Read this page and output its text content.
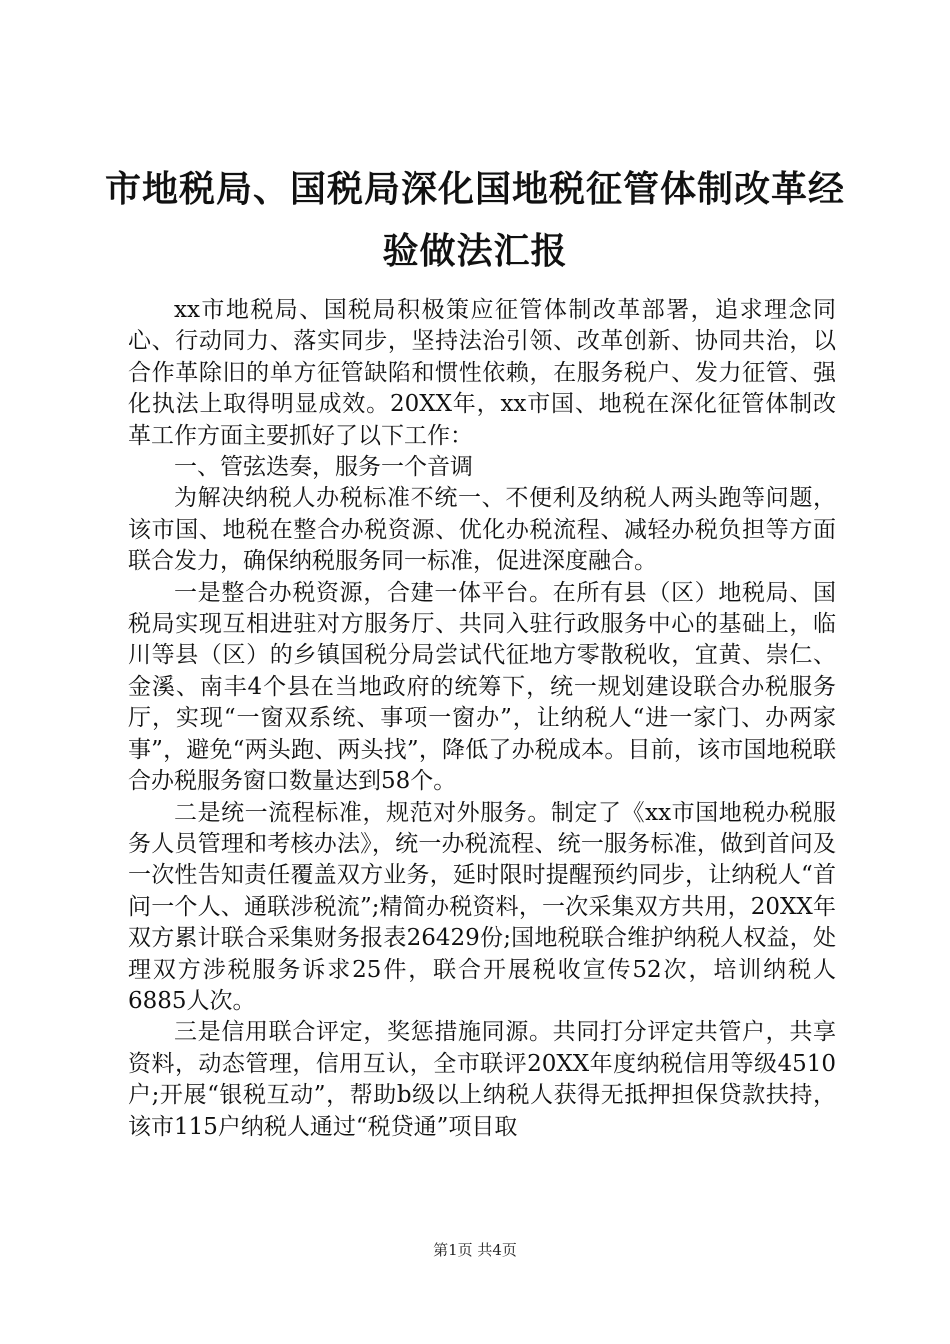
市地税局、国税局深化国地税征管体制改革经验做法汇报

xx市地税局、国税局积极策应征管体制改革部署，追求理念同心、行动同力、落实同步，坚持法治引领、改革创新、协同共治，以合作革除旧的单方征管缺陷和惯性依赖，在服务税户、发力征管、强化执法上取得明显成效。20XX年，xx市国、地税在深化征管体制改革工作方面主要抓好了以下工作：

一、管弦迭奏，服务一个音调

为解决纳税人办税标准不统一、不便利及纳税人两头跑等问题，该市国、地税在整合办税资源、优化办税流程、减轻办税负担等方面联合发力，确保纳税服务同一标准，促进深度融合。

一是整合办税资源，合建一体平台。在所有县（区）地税局、国税局实现互相进驻对方服务厅、共同入驻行政服务中心的基础上，临川等县（区）的乡镇国税分局尝试代征地方零散税收，宜黄、崇仁、金溪、南丰4个县在当地政府的统筹下，统一规划建设联合办税服务厅，实现“一窗双系统、事项一窗办”，让纳税人“进一家门、办两家事”，避免“两头跑、两头找”，降低了办税成本。目前，该市国地税联合办税服务窗口数量达到58个。

二是统一流程标准，规范对外服务。制定了《xx市国地税办税服务人员管理和考核办法》，统一办税流程、统一服务标准，做到首问及一次性告知责任覆盖双方业务，延时限时提醒预约同步，让纳税人“首问一个人、通联涉税流”;精简办税资料，一次采集双方共用，20XX年双方累计联合采集财务报表26429份;国地税联合维护纳税人权益，处理双方涉税服务诉求25件，联合开展税收宣传52次，培训纳税人6885人次。

三是信用联合评定，奖惩措施同源。共同打分评定共管户，共享资料，动态管理，信用互认，全市联评20XX年度纳税信用等级4510户;开展“银税互动”，帮助b级以上纳税人获得无抵押担保贷款扶持，该市115户纳税人通过“税贷通”项目取

第1页 共4页
